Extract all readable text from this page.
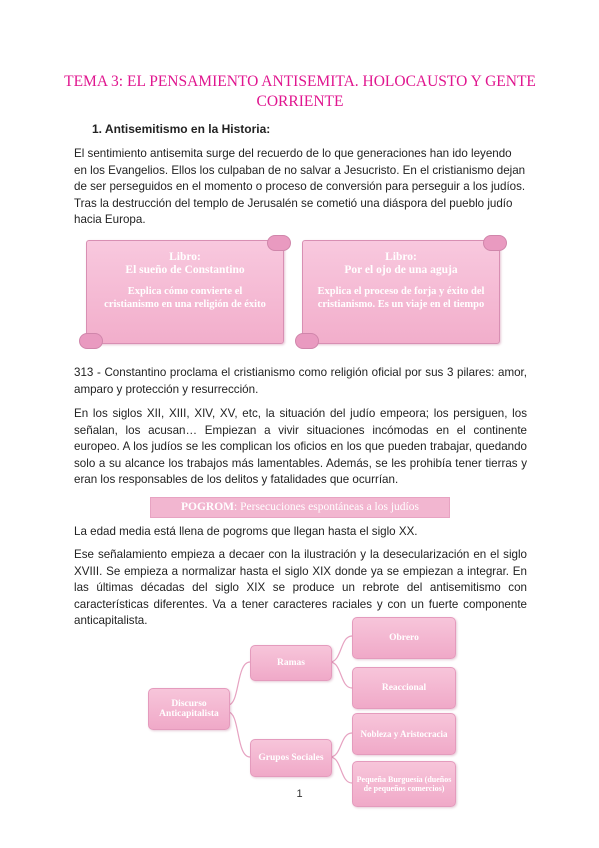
TEMA 3: EL PENSAMIENTO ANTISEMITA. HOLOCAUSTO Y GENTE CORRIENTE
1. Antisemitismo en la Historia:

El sentimiento antisemita surge del recuerdo de lo que generaciones han ido leyendo en los Evangelios. Ellos los culpaban de no salvar a Jesucristo. En el cristianismo dejan de ser perseguidos en el momento o proceso de conversión para perseguir a los judíos. Tras la destrucción del templo de Jerusalén se cometió una diáspora del pueblo judío hacia Europa.

Libro:
El sueño de Constantino
Explica cómo convierte el cristianismo en una religión de éxito
Libro:
Por el ojo de una aguja
Explica el proceso de forja y éxito del cristianismo. Es un viaje en el tiempo

313 - Constantino proclama el cristianismo como religión oficial por sus 3 pilares: amor, amparo y protección y resurrección.

En los siglos XII, XIII, XIV, XV, etc, la situación del judío empeora; los persiguen, los señalan, los acusan… Empiezan a vivir situaciones incómodas en el continente europeo. A los judíos se les complican los oficios en los que pueden trabajar, quedando solo a su alcance los trabajos más lamentables. Además, se les prohibía tener tierras y eran los responsables de los delitos y fatalidades que ocurrían.

POGROM: Persecuciones espontáneas a los judíos

La edad media está llena de pogroms que llegan hasta el siglo XX.

Ese señalamiento empieza a decaer con la ilustración y la desecularización en el siglo XVIII. Se empieza a normalizar hasta el siglo XIX donde ya se empiezan a integrar. En las últimas décadas del siglo XIX se produce un rebrote del antisemitismo con características diferentes. Va a tener caracteres raciales y con un fuerte componente anticapitalista.

Discurso Anticapitalista
Ramas
Grupos Sociales
Obrero
Reaccional
Nobleza y Aristocracia
Pequeña Burguesía (dueños de pequeños comercios)
1
